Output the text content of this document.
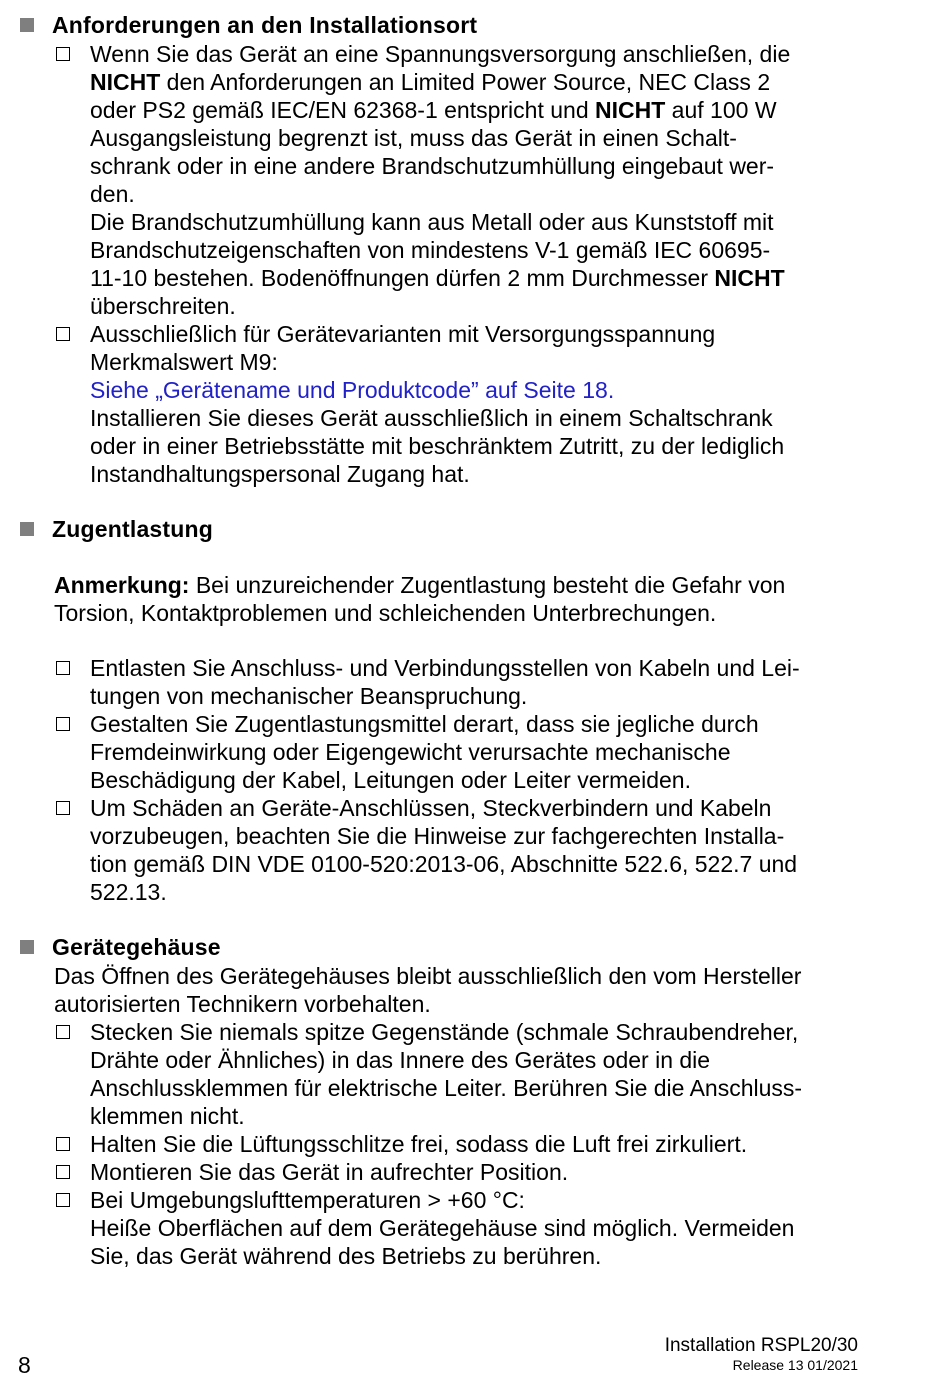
Anforderungen an den Installationsort
Wenn Sie das Gerät an eine Spannungsversorgung anschließen, die
NICHT den Anforderungen an Limited Power Source, NEC Class 2
oder PS2 gemäß IEC/EN 62368-1 entspricht und NICHT auf 100 W
Ausgangsleistung begrenzt ist, muss das Gerät in einen Schalt-
schrank oder in eine andere Brandschutzumhüllung eingebaut wer-
den.
Die Brandschutzumhüllung kann aus Metall oder aus Kunststoff mit
Brandschutzeigenschaften von mindestens V-1 gemäß IEC 60695-
11-10 bestehen. Bodenöffnungen dürfen 2 mm Durchmesser NICHT
überschreiten.
Ausschließlich für Gerätevarianten mit Versorgungsspannung
Merkmalswert M9:
Siehe „Gerätename und Produktcode” auf Seite 18.
Installieren Sie dieses Gerät ausschließlich in einem Schaltschrank
oder in einer Betriebsstätte mit beschränktem Zutritt, zu der lediglich
Instandhaltungspersonal Zugang hat.
Zugentlastung
Anmerkung: Bei unzureichender Zugentlastung besteht die Gefahr von
Torsion, Kontaktproblemen und schleichenden Unterbrechungen.
Entlasten Sie Anschluss- und Verbindungsstellen von Kabeln und Lei-
tungen von mechanischer Beanspruchung.
Gestalten Sie Zugentlastungsmittel derart, dass sie jegliche durch
Fremdeinwirkung oder Eigengewicht verursachte mechanische
Beschädigung der Kabel, Leitungen oder Leiter vermeiden.
Um Schäden an Geräte-Anschlüssen, Steckverbindern und Kabeln
vorzubeugen, beachten Sie die Hinweise zur fachgerechten Installa-
tion gemäß DIN VDE 0100-520:2013-06, Abschnitte 522.6, 522.7 und
522.13.
Gerätegehäuse
Das Öffnen des Gerätegehäuses bleibt ausschließlich den vom Hersteller
autorisierten Technikern vorbehalten.
Stecken Sie niemals spitze Gegenstände (schmale Schraubendreher,
Drähte oder Ähnliches) in das Innere des Gerätes oder in die
Anschlussklemmen für elektrische Leiter. Berühren Sie die Anschluss-
klemmen nicht.
Halten Sie die Lüftungsschlitze frei, sodass die Luft frei zirkuliert.
Montieren Sie das Gerät in aufrechter Position.
Bei Umgebungslufttemperaturen > +60 °C:
Heiße Oberflächen auf dem Gerätegehäuse sind möglich. Vermeiden
Sie, das Gerät während des Betriebs zu berühren.
8
Installation RSPL20/30
Release 13 01/2021
